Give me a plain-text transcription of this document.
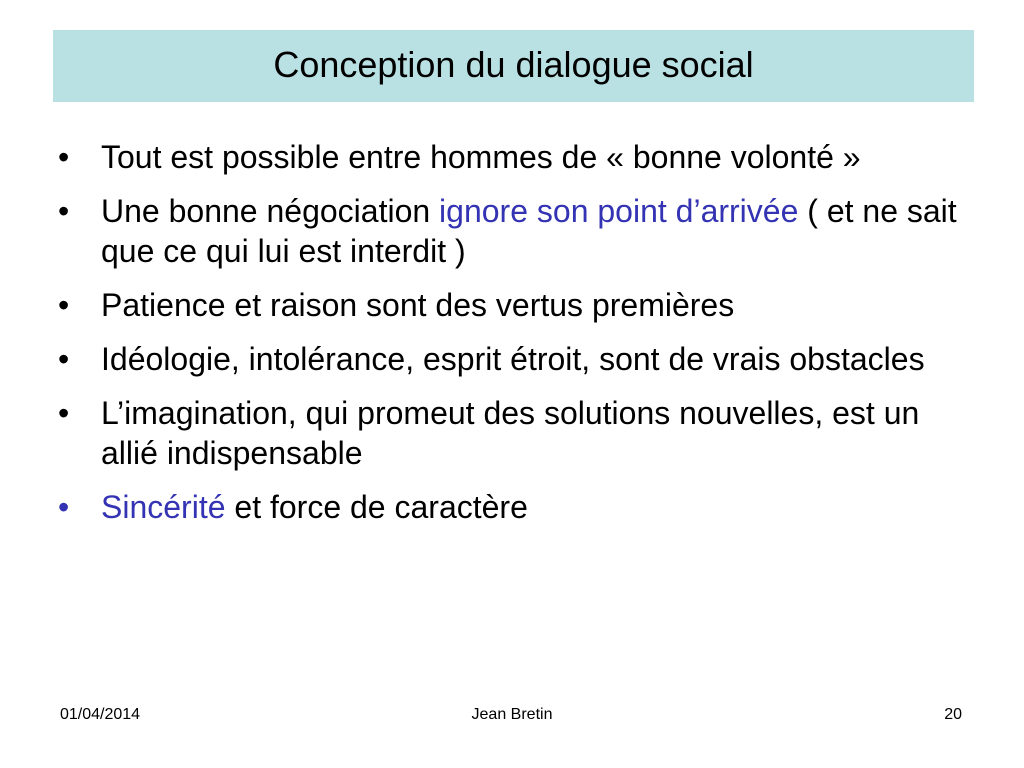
Conception du dialogue social
• Tout est possible entre hommes de « bonne volonté »
• Une bonne négociation ignore son point d’arrivée ( et ne sait que ce qui lui est interdit )
• Patience et raison sont des vertus premières
• Idéologie, intolérance, esprit étroit, sont de vrais obstacles
• L’imagination, qui promeut des solutions nouvelles, est un allié indispensable
• Sincérité et force de caractère
01/04/2014	Jean Bretin	20
